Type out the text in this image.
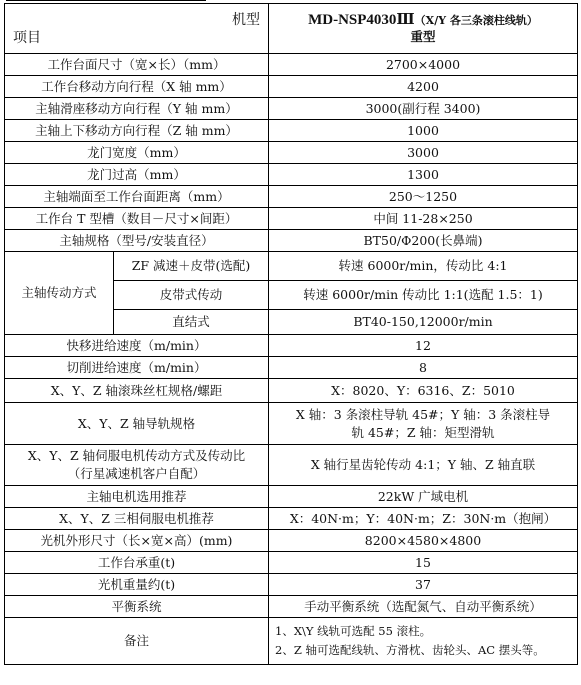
机型
项目		MD-NSP4030Ⅲ（X/Y 各三条滚柱线轨）
重型
工作台面尺寸（宽×长）（mm）		2700×4000
工作台移动方向行程（X 轴 mm）		4200
主轴滑座移动方向行程（Y 轴 mm）		3000(副行程 3400)
主轴上下移动方向行程（Z 轴 mm）		1000
龙门宽度（mm）		3000
龙门过高（mm）		1300
主轴端面至工作台面距离（mm）		250～1250
工作台 T 型槽（数目－尺寸×间距）		中间 11-28×250
主轴规格（型号/安装直径）		BT50/Φ200(长鼻端)
主轴传动方式	ZF 减速＋皮带(选配)	转速 6000r/min，传动比 4:1
	皮带式传动	转速 6000r/min 传动比 1:1(选配 1.5：1)
	直结式	BT40-150,12000r/min
快移进给速度（m/min）		12
切削进给速度（m/min）		8
X、Y、Z 轴滚珠丝杠规格/螺距		X：8020、Y：6316、Z：5010
X、Y、Z 轴导轨规格		X 轴：3 条滚柱导轨 45#；Y 轴：3 条滚柱导
轨 45#；Z 轴：矩型滑轨
X、Y、Z 轴伺服电机传动方式及传动比
（行星减速机客户自配）		X 轴行星齿轮传动 4:1；Y 轴、Z 轴直联
主轴电机选用推荐		22kW 广域电机
X、Y、Z 三相伺服电机推荐		X：40N·m；Y：40N·m；Z：30N·m（抱闸）
光机外形尺寸（长×宽×高）(mm)		8200×4580×4800
工作台承重(t)		15
光机重量约(t)		37
平衡系统		手动平衡系统（选配氮气、自动平衡系统）
备注		1、X\Y 线轨可选配 55 滚柱。
2、Z 轴可选配线轨、方滑枕、齿轮头、AC 摆头等。
